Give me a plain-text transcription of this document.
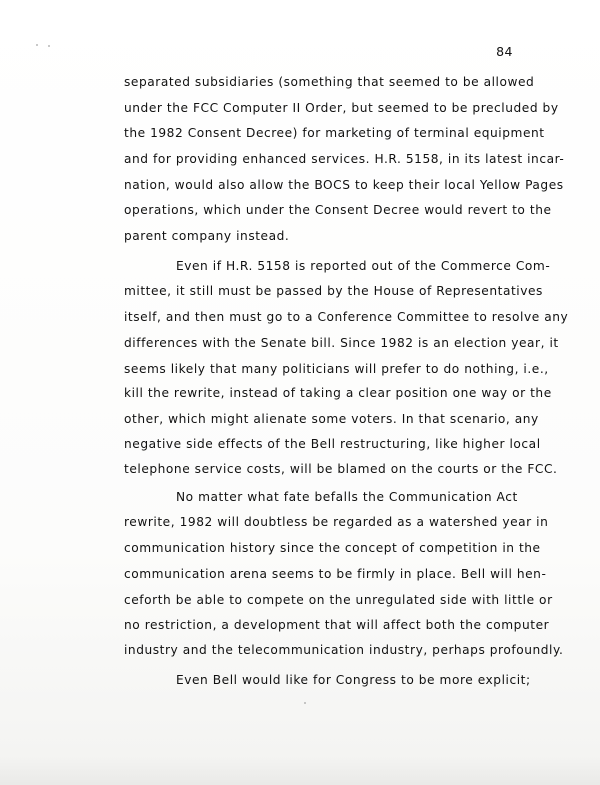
84
separated subsidiaries (something that seemed to be allowed
under the FCC Computer II Order, but seemed to be precluded by
the 1982 Consent Decree) for marketing of terminal equipment
and for providing enhanced services. H.R. 5158, in its latest incar-
nation, would also allow the BOCS to keep their local Yellow Pages
operations, which under the Consent Decree would revert to the
parent company instead.
Even if H.R. 5158 is reported out of the Commerce Com-
mittee, it still must be passed by the House of Representatives
itself, and then must go to a Conference Committee to resolve any
differences with the Senate bill. Since 1982 is an election year, it
seems likely that many politicians will prefer to do nothing, i.e.,
kill the rewrite, instead of taking a clear position one way or the
other, which might alienate some voters. In that scenario, any
negative side effects of the Bell restructuring, like higher local
telephone service costs, will be blamed on the courts or the FCC.
No matter what fate befalls the Communication Act
rewrite, 1982 will doubtless be regarded as a watershed year in
communication history since the concept of competition in the
communication arena seems to be firmly in place. Bell will hen-
ceforth be able to compete on the unregulated side with little or
no restriction, a development that will affect both the computer
industry and the telecommunication industry, perhaps profoundly.
Even Bell would like for Congress to be more explicit;
